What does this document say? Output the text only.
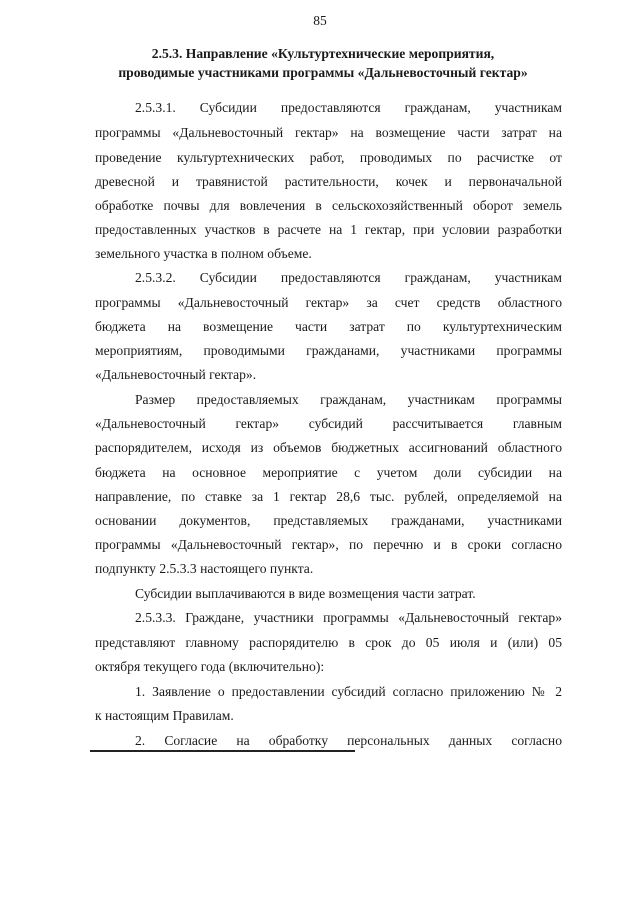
85
2.5.3. Направление «Культуртехнические мероприятия,
проводимые участниками программы «Дальневосточный гектар»
2.5.3.1. Субсидии предоставляются гражданам, участникам
программы «Дальневосточный гектар» на возмещение части затрат на
проведение культуртехнических работ, проводимых по расчистке от
древесной и травянистой растительности, кочек и первоначальной
обработке почвы для вовлечения в сельскохозяйственный оборот земель
предоставленных участков в расчете на 1 гектар, при условии разработки
земельного участка в полном объеме.
2.5.3.2. Субсидии предоставляются гражданам, участникам
программы «Дальневосточный гектар» за счет средств областного
бюджета на возмещение части затрат по культуртехническим
мероприятиям, проводимыми гражданами, участниками программы
«Дальневосточный гектар».
Размер предоставляемых гражданам, участникам программы
«Дальневосточный гектар» субсидий рассчитывается главным
распорядителем, исходя из объемов бюджетных ассигнований областного
бюджета на основное мероприятие с учетом доли субсидии на
направление, по ставке за 1 гектар 28,6 тыс. рублей, определяемой на
основании документов, представляемых гражданами, участниками
программы «Дальневосточный гектар», по перечню и в сроки согласно
подпункту 2.5.3.3 настоящего пункта.
Субсидии выплачиваются в виде возмещения части затрат.
2.5.3.3. Граждане, участники программы «Дальневосточный гектар»
представляют главному распорядителю в срок до 05 июля и (или) 05
октября текущего года (включительно):
1. Заявление о предоставлении субсидий согласно приложению № 2
к настоящим Правилам.
2. Согласие на обработку персональных данных согласно
